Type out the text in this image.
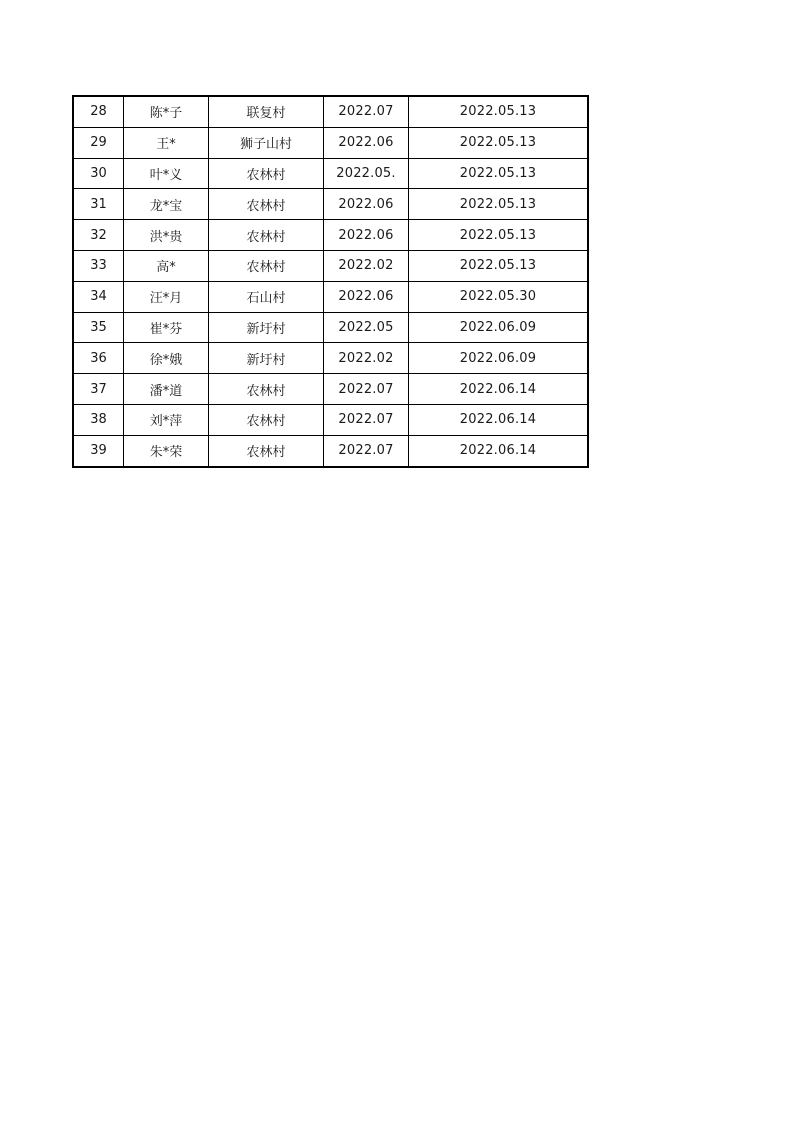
28	陈*子	联复村	2022.07	2022.05.13
29	王*	狮子山村	2022.06	2022.05.13
30	叶*义	农林村	2022.05.	2022.05.13
31	龙*宝	农林村	2022.06	2022.05.13
32	洪*贵	农林村	2022.06	2022.05.13
33	高*	农林村	2022.02	2022.05.13
34	汪*月	石山村	2022.06	2022.05.30
35	崔*芬	新圩村	2022.05	2022.06.09
36	徐*娥	新圩村	2022.02	2022.06.09
37	潘*道	农林村	2022.07	2022.06.14
38	刘*萍	农林村	2022.07	2022.06.14
39	朱*荣	农林村	2022.07	2022.06.14
